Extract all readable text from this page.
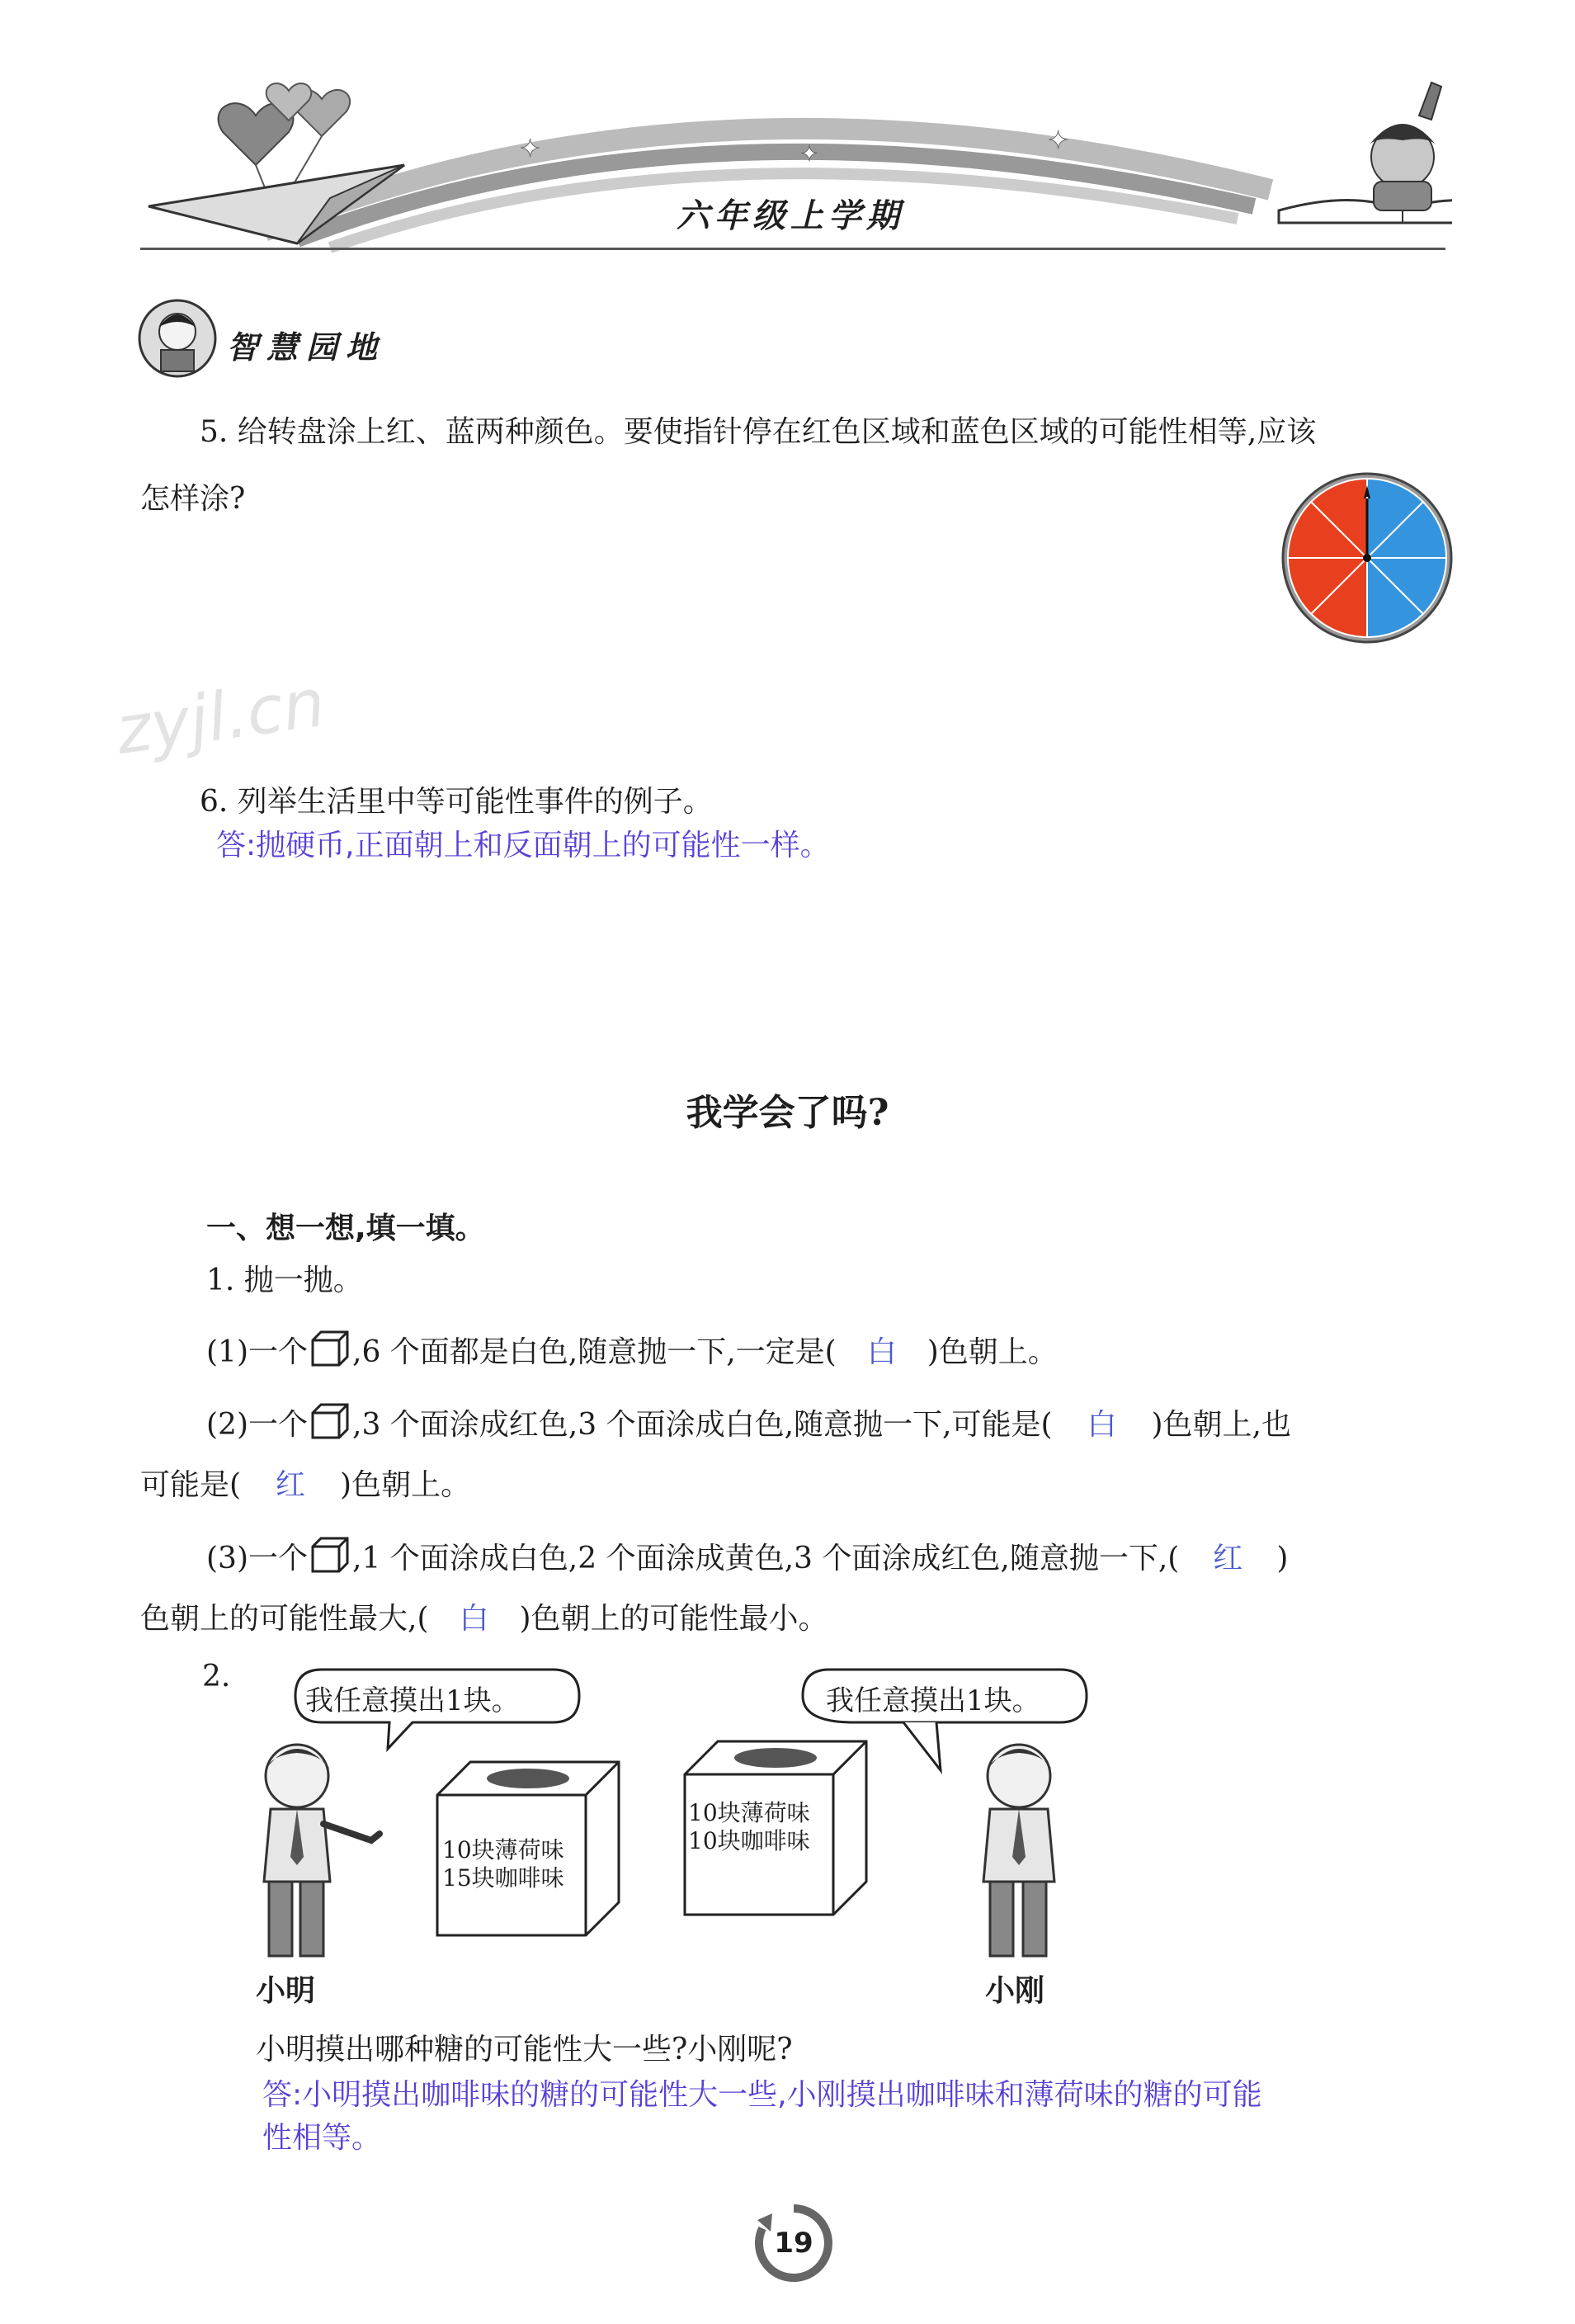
✦	✦	✦
六年级上学期
智慧园地
5. 给转盘涂上红、蓝两种颜色。要使指针停在红色区域和蓝色区域的可能性相等,应该
怎样涂?
zyjl.cn
6. 列举生活里中等可能性事件的例子。
答:抛硬币,正面朝上和反面朝上的可能性一样。
我学会了吗?
一、想一想,填一填。
1. 抛一抛。
(1)一个 ,6 个面都是白色,随意抛一下,一定是( 白 )色朝上。
(2)一个 ,3 个面涂成红色,3 个面涂成白色,随意抛一下,可能是( 白 )色朝上,也
可能是( 红 )色朝上。
(3)一个 ,1 个面涂成白色,2 个面涂成黄色,3 个面涂成红色,随意抛一下,( 红 )
色朝上的可能性最大,( 白 )色朝上的可能性最小。
2.
我任意摸出1块。	我任意摸出1块。
10块薄荷味
15块咖啡味
10块薄荷味
10块咖啡味
小明	小刚
小明摸出哪种糖的可能性大一些?小刚呢?
答:小明摸出咖啡味的糖的可能性大一些,小刚摸出咖啡味和薄荷味的糖的可能
性相等。
19
